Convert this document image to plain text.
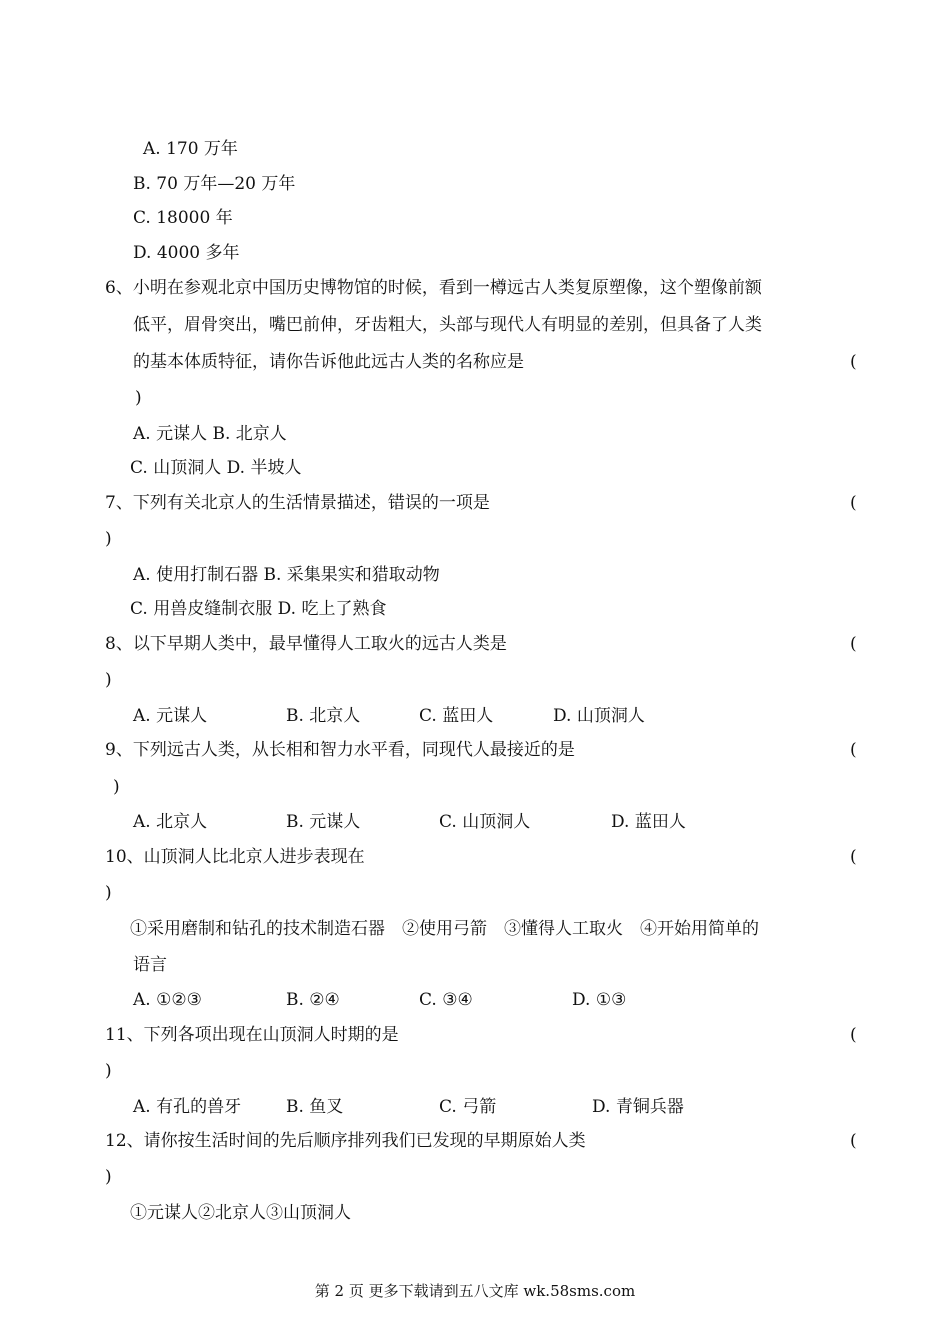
A. 170 万年
B. 70 万年—20 万年
C. 18000 年
D. 4000 多年
6、小明在参观北京中国历史博物馆的时候，看到一樽远古人类复原塑像，这个塑像前额
低平，眉骨突出，嘴巴前伸，牙齿粗大，头部与现代人有明显的差别，但具备了人类
的基本体质特征，请你告诉他此远古人类的名称应是	(
)
A. 元谋人 B. 北京人
C. 山顶洞人 D. 半坡人
7、下列有关北京人的生活情景描述，错误的一项是	(
)
A. 使用打制石器 B. 采集果实和猎取动物
C. 用兽皮缝制衣服 D. 吃上了熟食
8、以下早期人类中，最早懂得人工取火的远古人类是	(
)
A. 元谋人	B. 北京人	C. 蓝田人	D. 山顶洞人
9、下列远古人类，从长相和智力水平看，同现代人最接近的是	(
)
A. 北京人	B. 元谋人	C. 山顶洞人	D. 蓝田人
10、山顶洞人比北京人进步表现在	(
)
①采用磨制和钻孔的技术制造石器　②使用弓箭　③懂得人工取火　④开始用简单的
语言
A. ①②③	B. ②④	C. ③④	D. ①③
11、下列各项出现在山顶洞人时期的是	(
)
A. 有孔的兽牙	B. 鱼叉	C. 弓箭	D. 青铜兵器
12、请你按生活时间的先后顺序排列我们已发现的早期原始人类	(
)
①元谋人②北京人③山顶洞人
第 2 页 更多下载请到五八文库 wk.58sms.com
